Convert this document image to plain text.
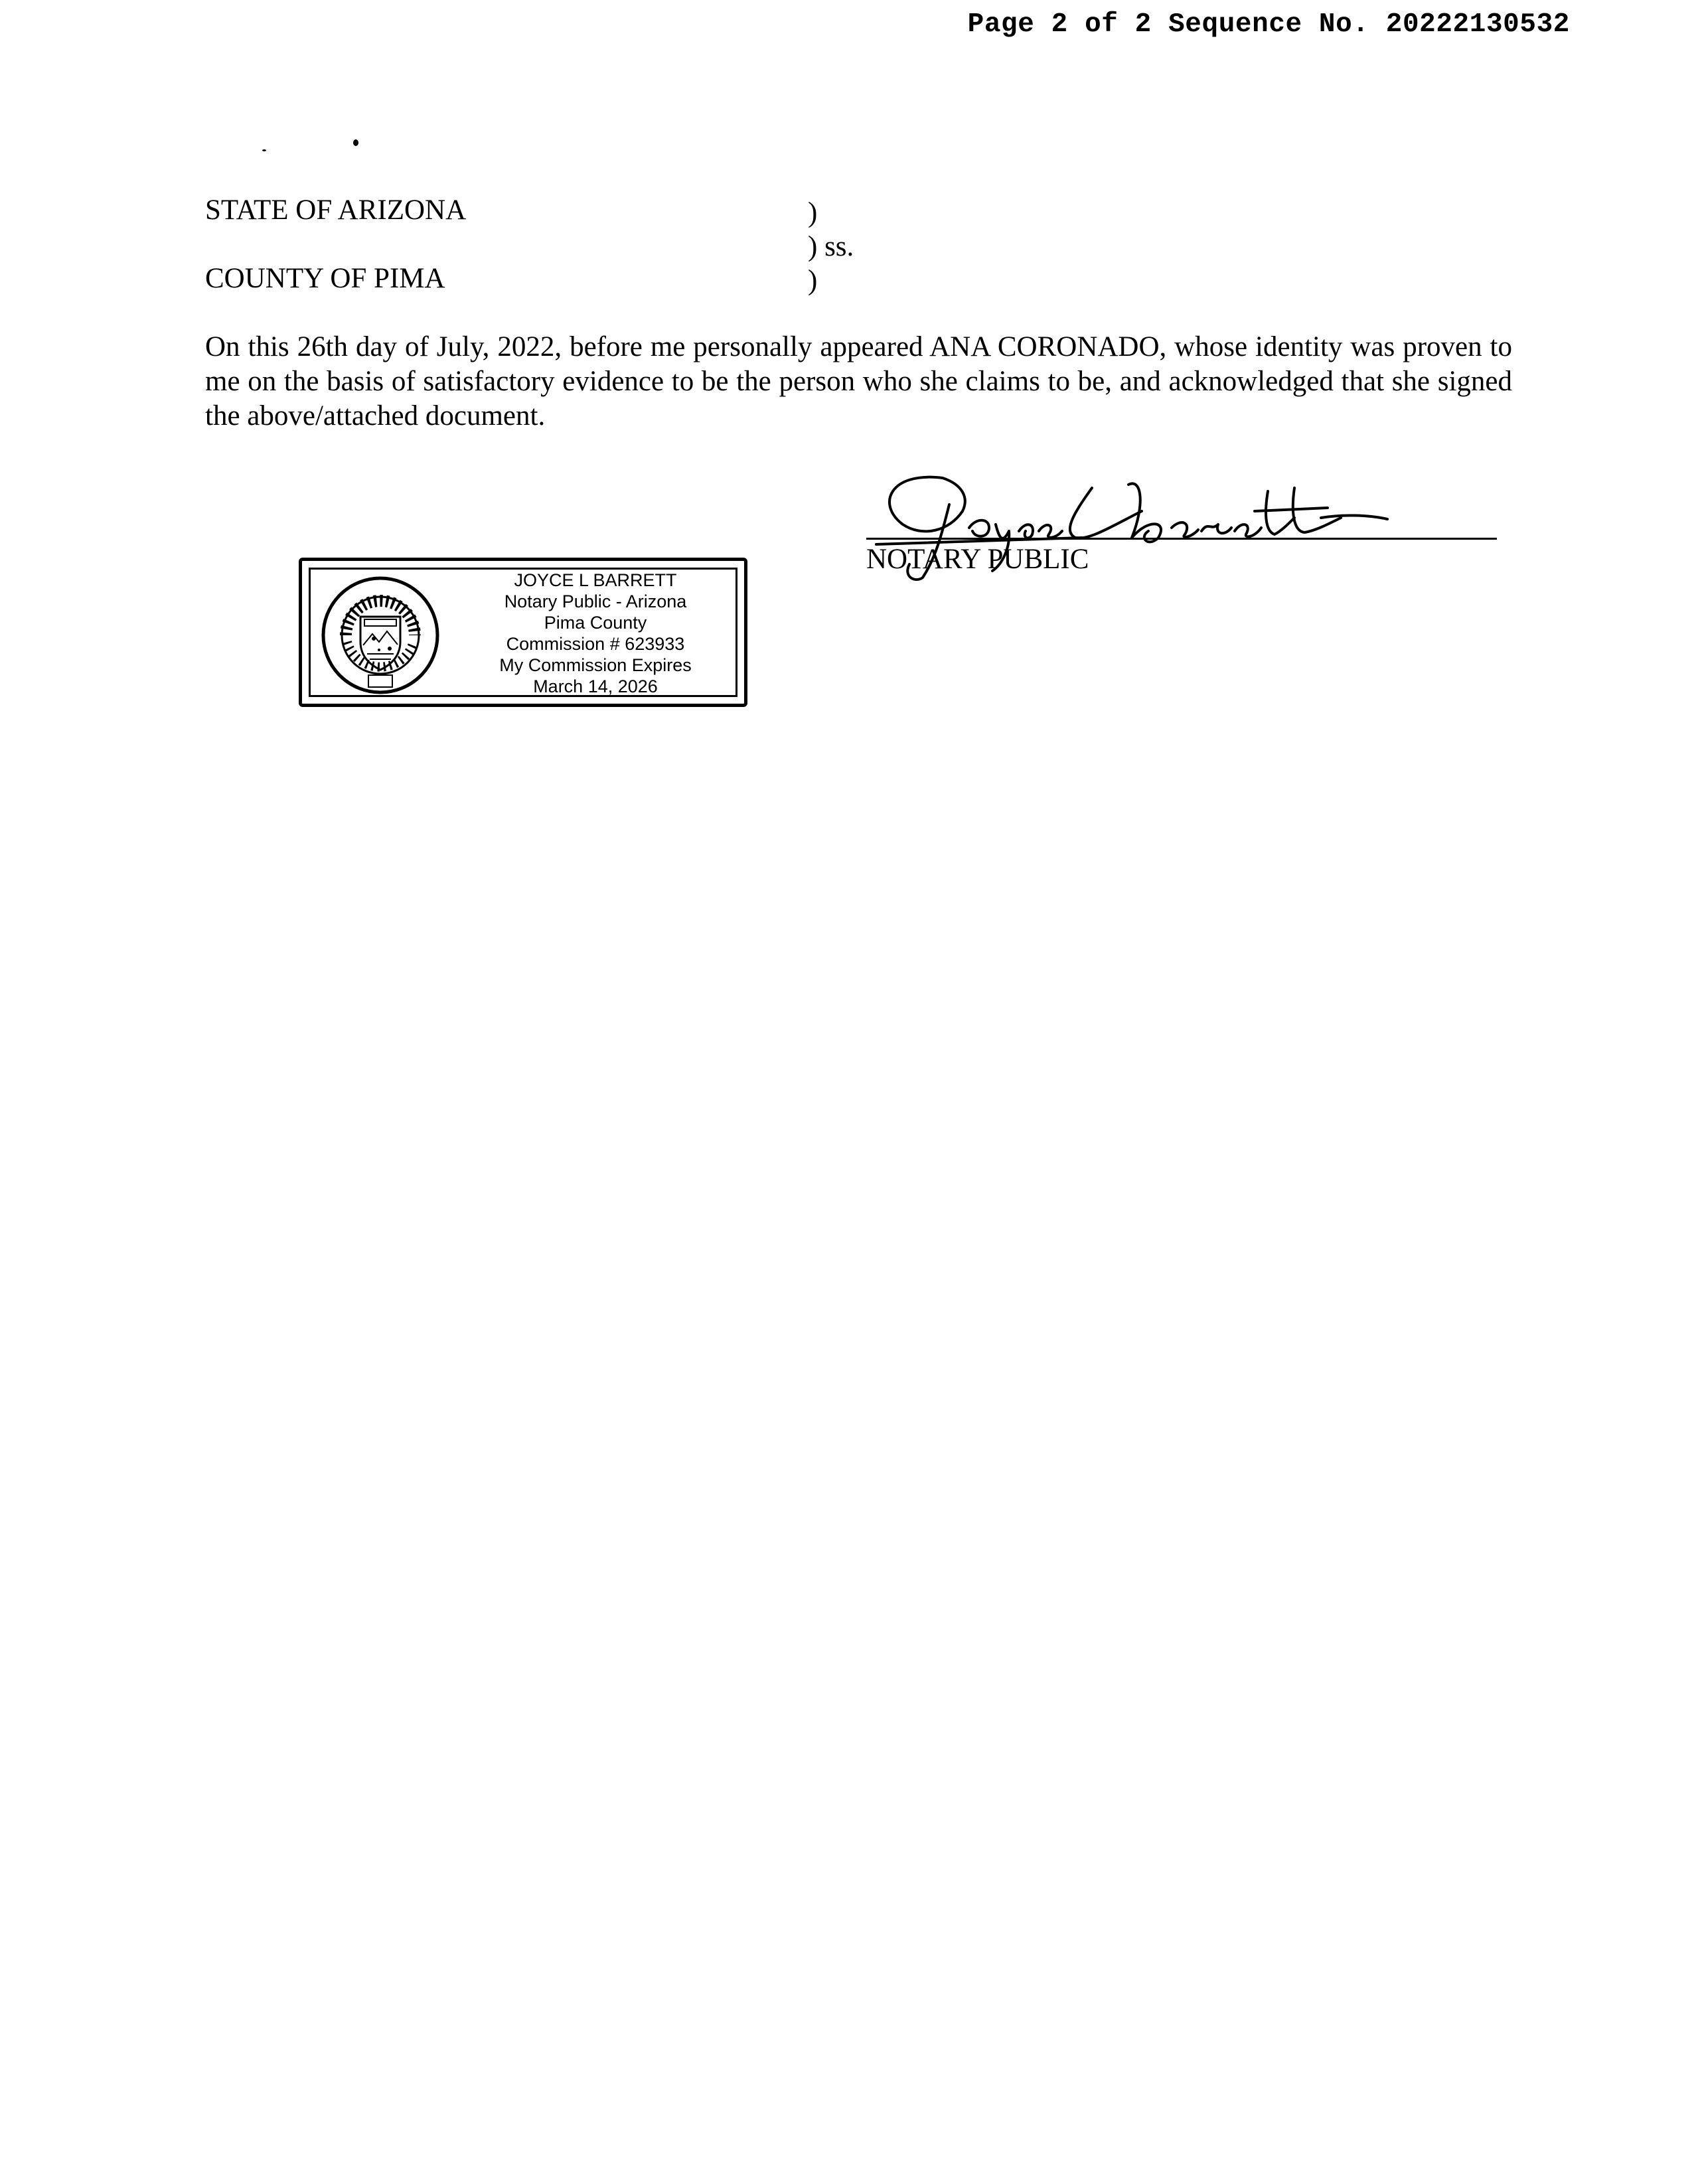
Page 2 of 2 Sequence No. 20222130532
STATE OF ARIZONA
COUNTY OF PIMA
)
) ss.
)
On this 26th day of July, 2022, before me personally appeared ANA CORONADO, whose identity was proven to me on the basis of satisfactory evidence to be the person who she claims to be, and acknowledged that she signed the above/attached document.
NOTARY PUBLIC
JOYCE L BARRETT
Notary Public - Arizona
Pima County
Commission # 623933
My Commission Expires
March 14, 2026
